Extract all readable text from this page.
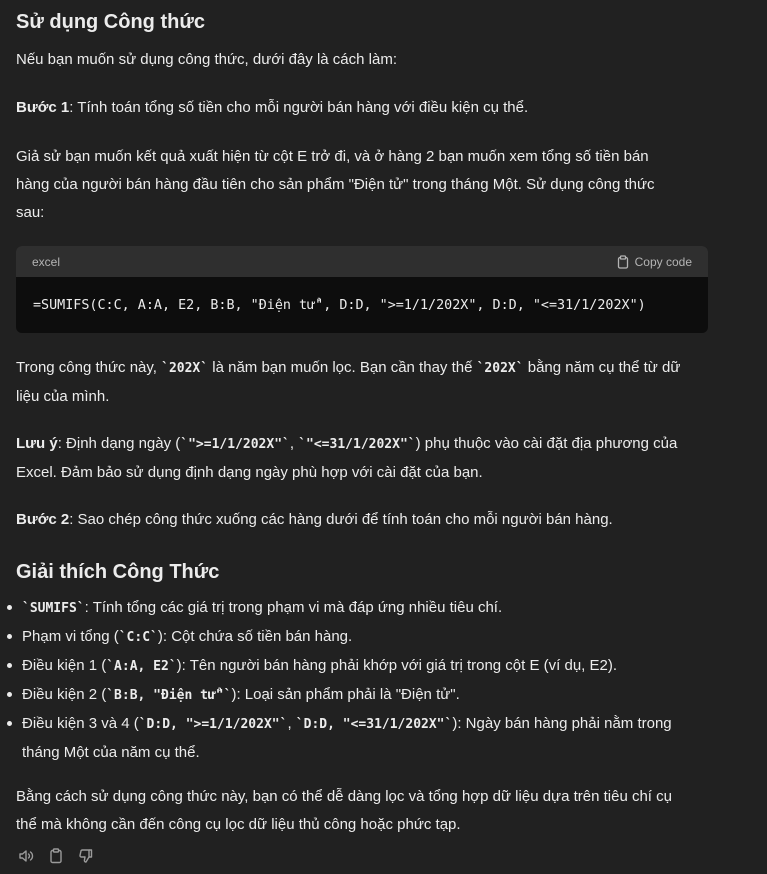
Sử dụng Công thức

Nếu bạn muốn sử dụng công thức, dưới đây là cách làm:

Bước 1: Tính toán tổng số tiền cho mỗi người bán hàng với điều kiện cụ thể.

Giả sử bạn muốn kết quả xuất hiện từ cột E trở đi, và ở hàng 2 bạn muốn xem tổng số tiền bán
hàng của người bán hàng đầu tiên cho sản phẩm "Điện tử" trong tháng Một. Sử dụng công thức
sau:

excel	Copy code
=SUMIFS(C:C, A:A, E2, B:B, "Điện tử", D:D, ">=1/1/202X", D:D, "<=31/1/202X")

Trong công thức này, `202X` là năm bạn muốn lọc. Bạn cần thay thế `202X` bằng năm cụ thể từ dữ
liệu của mình.

Lưu ý: Định dạng ngày (`">=1/1/202X"`, `"<=31/1/202X"`) phụ thuộc vào cài đặt địa phương của
Excel. Đảm bảo sử dụng định dạng ngày phù hợp với cài đặt của bạn.

Bước 2: Sao chép công thức xuống các hàng dưới để tính toán cho mỗi người bán hàng.

Giải thích Công Thức
`SUMIFS`: Tính tổng các giá trị trong phạm vi mà đáp ứng nhiều tiêu chí.
Phạm vi tổng (`C:C`): Cột chứa số tiền bán hàng.
Điều kiện 1 (`A:A, E2`): Tên người bán hàng phải khớp với giá trị trong cột E (ví dụ, E2).
Điều kiện 2 (`B:B, "Điện tử"`): Loại sản phẩm phải là "Điện tử".
Điều kiện 3 và 4 (`D:D, ">=1/1/202X"`, `D:D, "<=31/1/202X"`): Ngày bán hàng phải nằm trong
tháng Một của năm cụ thể.

Bằng cách sử dụng công thức này, bạn có thể dễ dàng lọc và tổng hợp dữ liệu dựa trên tiêu chí cụ
thể mà không cần đến công cụ lọc dữ liệu thủ công hoặc phức tạp.
